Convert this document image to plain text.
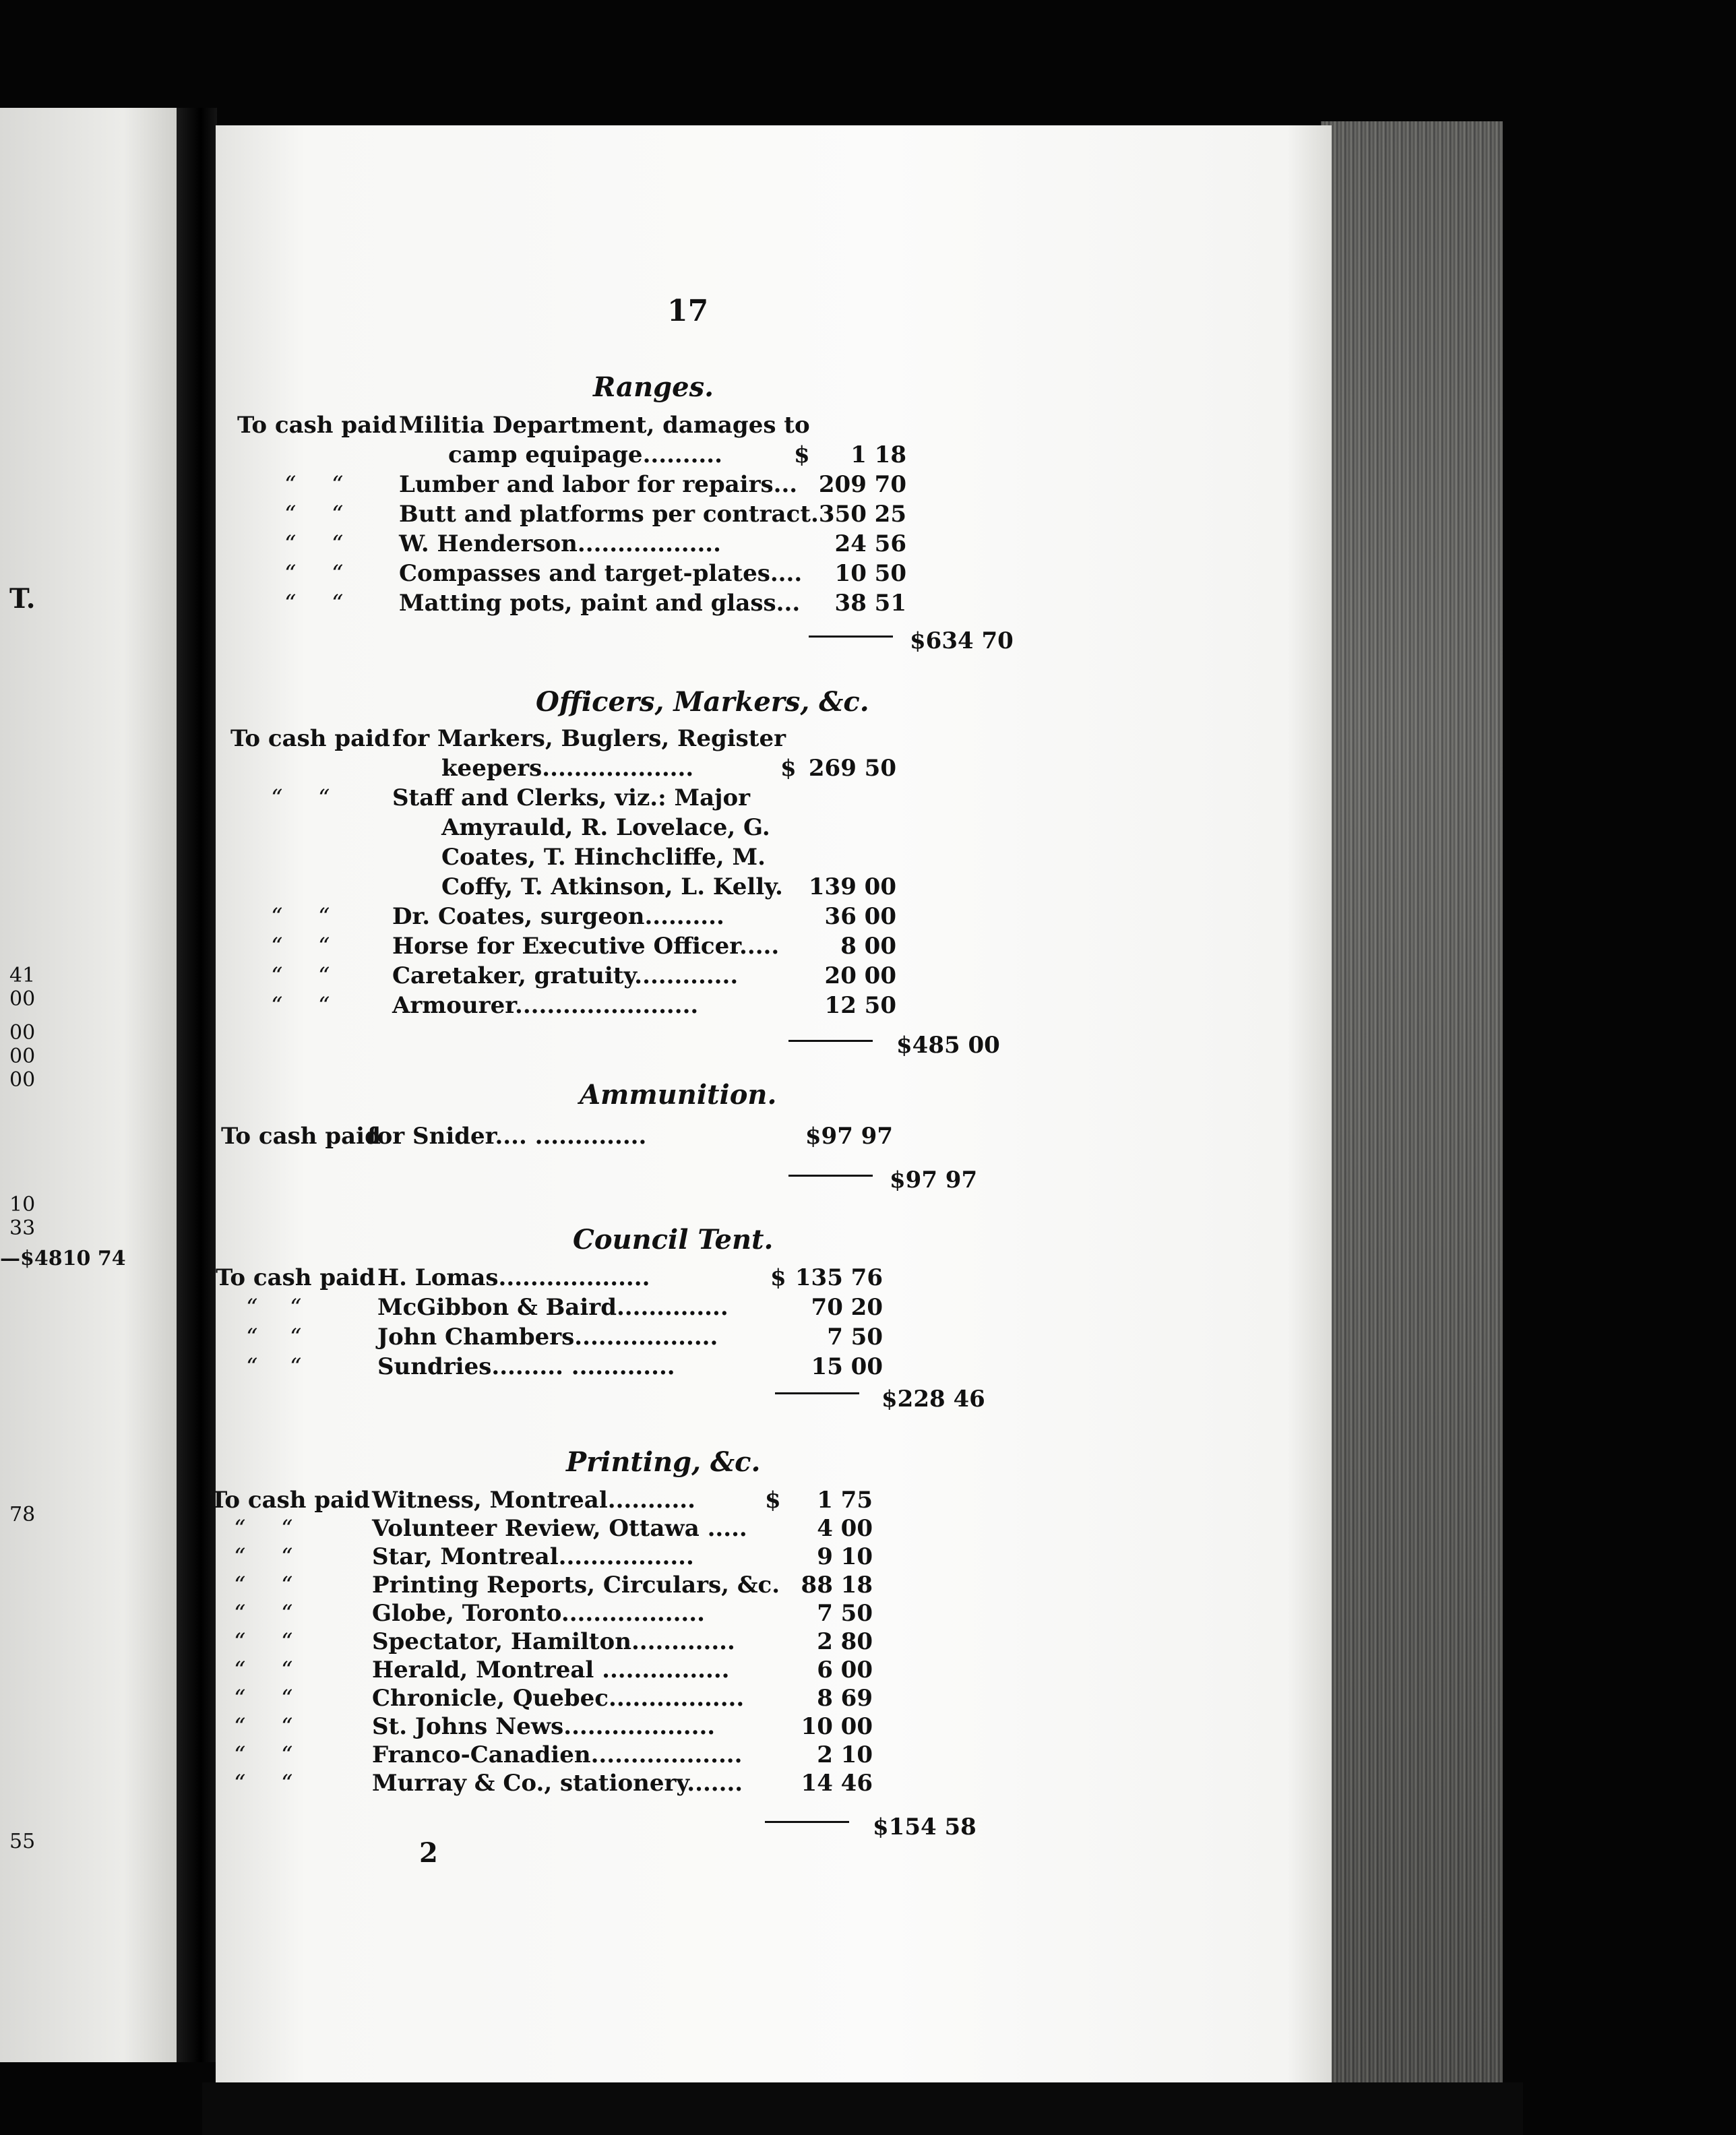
T.
41
00
00
00
00
10
33
—$4810 74
78
55
17
2
Ranges.
To cash paid Militia Department, damages to
camp equipage..........	$	1 18
“ “ Lumber and labor for repairs... 209 70
“ “ Butt and platforms per contract. 350 25
“ “ W. Henderson..................	24 56
“ “ Compasses and target-plates....	10 50
“ “ Matting pots, paint and glass...	38 51
$634 70
Officers, Markers, &c.
To cash paid for Markers, Buglers, Register
keepers...................	$ 269 50
“ “	Staff and Clerks, viz.: Major
Amyrauld, R. Lovelace, G.
Coates, T. Hinchcliffe, M.
Coffy, T. Atkinson, L. Kelly.	139 00
“ “	Dr. Coates, surgeon..........	36 00
“ “	Horse for Executive Officer.....	8 00
“ “	Caretaker, gratuity.............	20 00
“ “	Armourer.......................	12 50
$485 00
Ammunition.
To cash paid
for Snider.... ..............	$97 97
$97 97
Council Tent.
To cash paid H. Lomas...................	$ 135 76
“ “	McGibbon & Baird..............	70 20
“ “	John Chambers..................	7 50
“ “	Sundries......... .............	15 00
$228 46
Printing, &c.
To cash paid Witness, Montreal...........	$	1 75
“ “	Volunteer Review, Ottawa .....	4 00
“ “	Star, Montreal.................	9 10
“ “	Printing Reports, Circulars, &c. 88 18
“ “	Globe, Toronto..................	7 50
“ “	Spectator, Hamilton.............	2 80
“ “	Herald, Montreal ................	6 00
“ “	Chronicle, Quebec.................	8 69
“ “	St. Johns News...................	10 00
“ “	Franco-Canadien...................	2 10
“ “	Murray & Co., stationery.......	14 46
$154 58
